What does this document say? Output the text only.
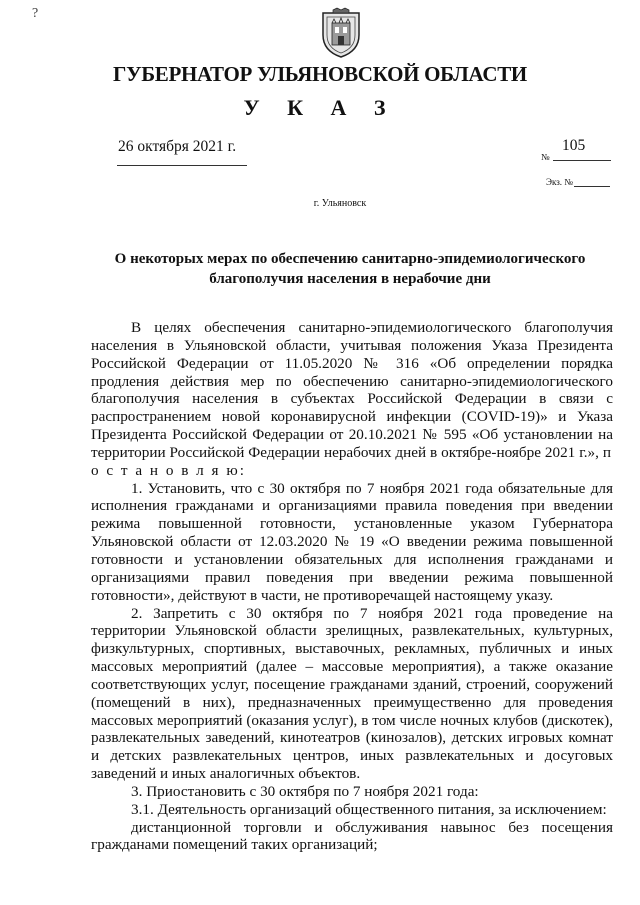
?
ГУБЕРНАТОР УЛЬЯНОВСКОЙ ОБЛАСТИ
У К А З
26 октября 2021 г.	105
№
Экз. №
г. Ульяновск
О некоторых мерах по обеспечению санитарно-эпидемиологического благополучия населения в нерабочие дни

В целях обеспечения санитарно-эпидемиологического благополучия населения в Ульяновской области, учитывая положения Указа Президента Российской Федерации от 11.05.2020 № 316 «Об определении порядка продления действия мер по обеспечению санитарно-эпидемиологического благополучия населения в субъектах Российской Федерации в связи с распространением новой коронавирусной инфекции (COVID-19)» и Указа Президента Российской Федерации от 20.10.2021 № 595 «Об установлении на территории Российской Федерации нерабочих дней в октябре-ноябре 2021 г.», п о с т а н о в л я ю:

1. Установить, что с 30 октября по 7 ноября 2021 года обязательные для исполнения гражданами и организациями правила поведения при введении режима повышенной готовности, установленные указом Губернатора Ульяновской области от 12.03.2020 № 19 «О введении режима повышенной готовности и установлении обязательных для исполнения гражданами и организациями правил поведения при введении режима повышенной готовности», действуют в части, не противоречащей настоящему указу.

2. Запретить с 30 октября по 7 ноября 2021 года проведение на территории Ульяновской области зрелищных, развлекательных, культурных, физкультурных, спортивных, выставочных, рекламных, публичных и иных массовых мероприятий (далее – массовые мероприятия), а также оказание соответствующих услуг, посещение гражданами зданий, строений, сооружений (помещений в них), предназначенных преимущественно для проведения массовых мероприятий (оказания услуг), в том числе ночных клубов (дискотек), развлекательных заведений, кинотеатров (кинозалов), детских игровых комнат и детских развлекательных центров, иных развлекательных и досуговых заведений и иных аналогичных объектов.

3. Приостановить с 30 октября по 7 ноября 2021 года:

3.1. Деятельность организаций общественного питания, за исключением:

дистанционной торговли и обслуживания навынос без посещения гражданами помещений таких организаций;
